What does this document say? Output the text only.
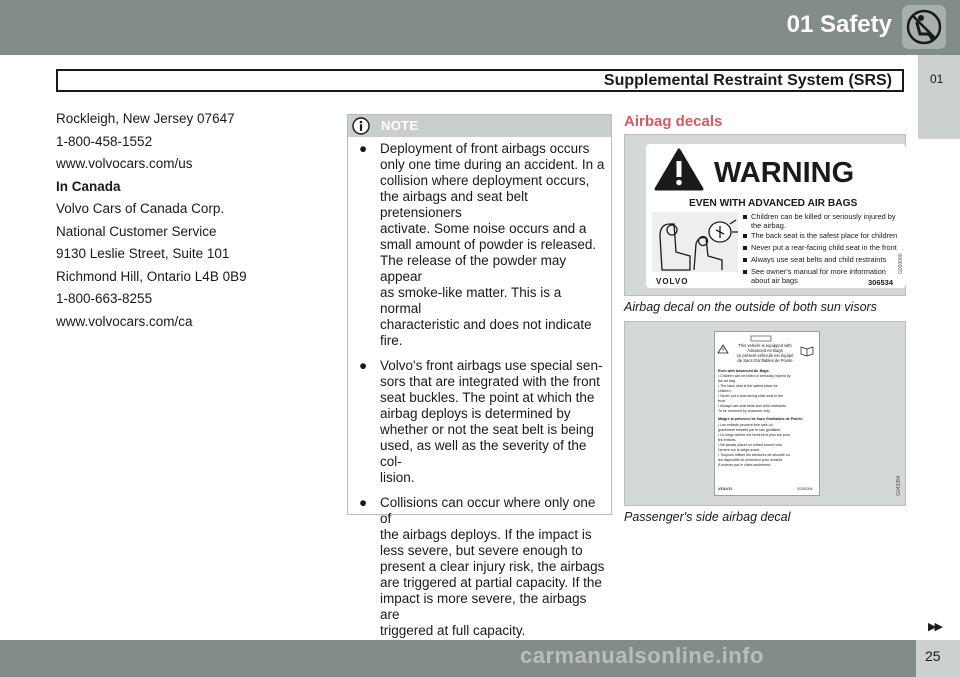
01 Safety
Supplemental Restraint System (SRS)	01
Rockleigh, New Jersey 07647
1-800-458-1552
www.volvocars.com/us
In Canada
Volvo Cars of Canada Corp.
National Customer Service
9130 Leslie Street, Suite 101
Richmond Hill, Ontario L4B 0B9
1-800-663-8255
www.volvocars.com/ca
NOTE
● Deployment of front airbags occurs
only one time during an accident. In a
collision where deployment occurs,
the airbags and seat belt pretensioners
activate. Some noise occurs and a
small amount of powder is released.
The release of the powder may appear
as smoke-like matter. This is a normal
characteristic and does not indicate
fire.
● Volvo's front airbags use special sen-
sors that are integrated with the front
seat buckles. The point at which the
airbag deploys is determined by
whether or not the seat belt is being
used, as well as the severity of the col-
lision.
● Collisions can occur where only one of
the airbags deploys. If the impact is
less severe, but severe enough to
present a clear injury risk, the airbags
are triggered at partial capacity. If the
impact is more severe, the airbags are
triggered at full capacity.
Airbag decals
WARNING
EVEN WITH ADVANCED AIR BAGS
Children can be killed or seriously injured by
the airbag.
The back seat is the safest place for children
Never put a rear-facing child seat in the front
Always use seat belts and child restraints
See owner's manual for more information
about air bags
VOLVO	306534
G000000
Airbag decal on the outside of both sun visors
This vehicle is equipped with
Advanced Air Bags
Le présent véhicule est équipé
de Sacs Gonflables de Pointe
Even with Advanced Air Bags:
• Children can be killed or seriously injured by
the air bag.
• The back seat is the safest place for
children.
• Never put a rear-facing child seat in the
front.
• Always use seat belts and child restraints.
To be removed by customer only.
Malgré la présence de Sacs Gonflables de Pointe:
• Les enfants peuvent être tués ou
gravement blessés par le sac gonflable.
• Le siège arrière est l'endroit le plus sûr pour
les enfants.
• Ne jamais placer un enfant tourné vers
l'arrière sur le siège avant.
• Toujours utiliser les ceintures de sécurité ou
les dispositifs de protection pour enfants.
À enlever par le client seulement.
VOLVO	31301004	G043394
Passenger's side airbag decal
▶▶
carmanualsonline.info	25
